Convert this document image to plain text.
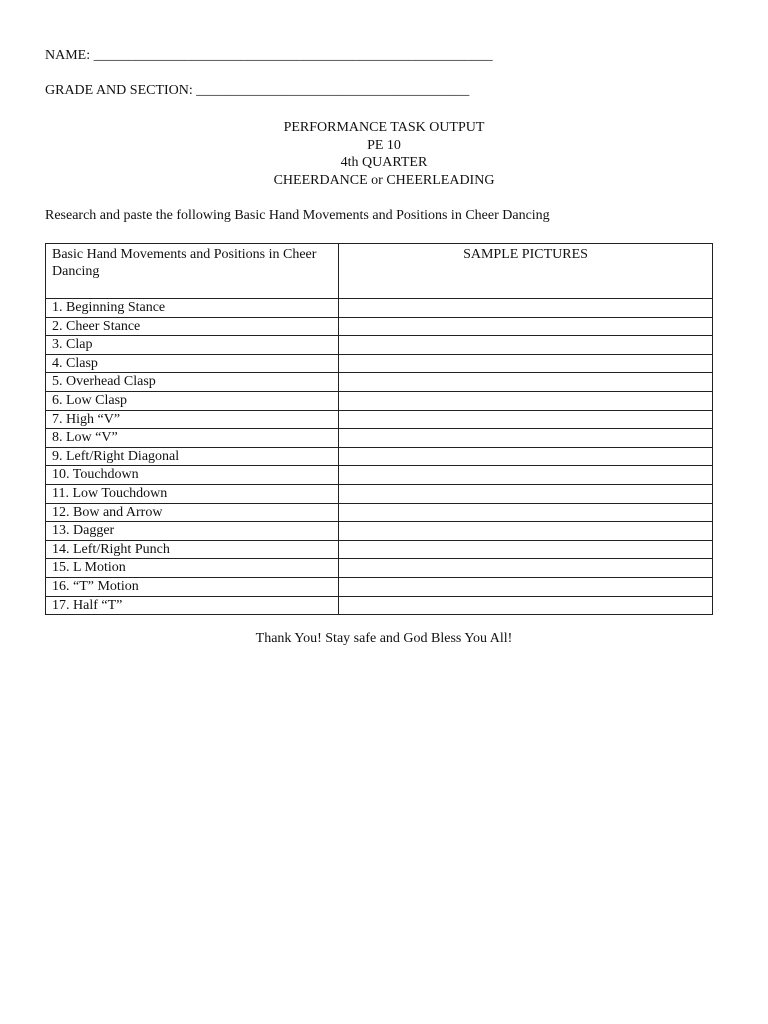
NAME: _________________________________________________________
GRADE AND SECTION: _______________________________________
PERFORMANCE TASK OUTPUT
PE 10
4th QUARTER
CHEERDANCE or CHEERLEADING
Research and paste the following Basic Hand Movements and Positions in Cheer Dancing
Basic Hand Movements and Positions in Cheer Dancing	SAMPLE PICTURES
1. Beginning Stance	
2. Cheer Stance	
3. Clap	
4. Clasp	
5. Overhead Clasp	
6. Low Clasp	
7. High “V”	
8. Low “V”	
9. Left/Right Diagonal	
10. Touchdown	
11. Low Touchdown	
12. Bow and Arrow	
13. Dagger	
14. Left/Right Punch	
15. L Motion	
16. “T” Motion	
17. Half “T”	
Thank You! Stay safe and God Bless You All!
